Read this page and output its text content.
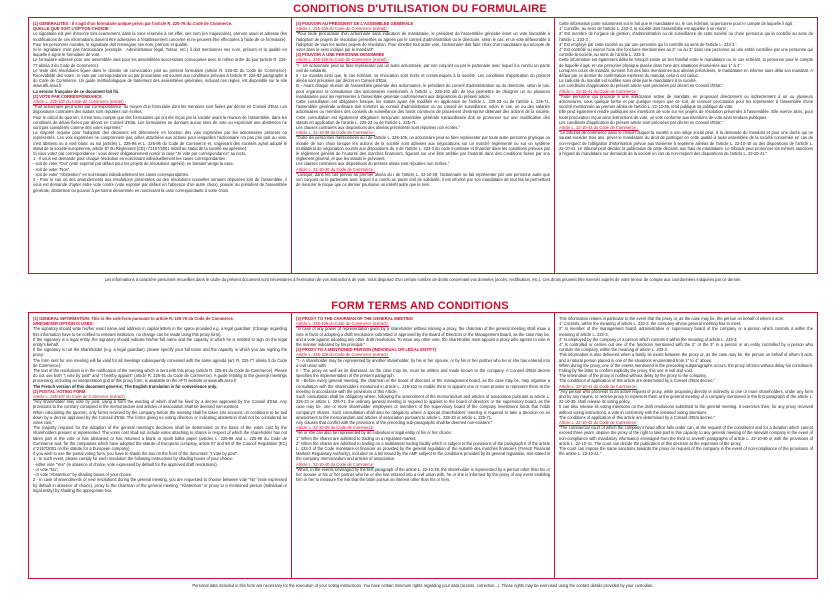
CONDITIONS D'UTILISATION DU FORMULAIRE
(1) GENERALITES : Il s'agit d'un formulaire unique prévu par l'article R. 225-76 du Code de Commerce.
QUELLE QUE SOIT L'OPTION CHOISIE :
Le signataire est prié d'inscrire très exactement, dans la zone réservée à cet effet, ses nom (en majuscules), prénom usuel et adresse (les modifications de ces informations doivent être adressées à l'établissement concerné et ne peuvent être effectuées à l'aide de ce formulaire).
Pour les personnes morales, le signataire doit renseigner ses nom, prénom et qualité.
Si le signataire n'est pas l'actionnaire (exemple : Administrateur légal, Tuteur, etc.) il doit mentionner ses nom, prénom et la qualité en laquelle il signe le formulaire de vote.
Le formulaire adressé pour une assemblée vaut pour les assemblées successives convoquées avec le même ordre du jour (article R. 225-77 alinéa 3 du Code de Commerce).
Le texte des résolutions figure dans le dossier de convocation joint au présent formulaire (article R. 225-81 du Code de Commerce). Recevabilité des votes : le vote par correspondance ou par procuration est soumis aux conditions prévues à l'article R. 225-83 paragraphe 8 du Code de Commerce. Un guide méthodologique de traitement des assemblées générales, incluant ces règles, est disponible sur le site www.afti.asso.fr.
La version française de ce document fait foi.
(2) VOTE PAR CORRESPONDANCE
Article L. 225-107 du Code de Commerce (extrait) :
"Tout actionnaire peut voter par correspondance, au moyen d'un formulaire dont les mentions sont fixées par décret en Conseil d'Etat. Les dispositions contraires des statuts sont réputées non écrites.
Pour le calcul du quorum, il n'est tenu compte que des formulaires qui ont été reçus par la société avant la réunion de l'assemblée, dans les conditions de délais fixées par décret en Conseil d'Etat. Les formulaires ne donnant aucun sens de vote ou exprimant une abstention ne sont pas considérés comme des votes exprimés."
La majorité requise pour l'adoption des décisions est déterminée en fonction des voix exprimées par les actionnaires présents ou représentés. Les voix exprimées ne comprennent pas celles attachées aux actions pour lesquelles l'actionnaire n'a pas pris part au vote, s'est abstenu ou a voté blanc ou nul (articles L. 225-96 et L. 225-98 du Code de Commerce et, s'agissant des sociétés ayant adopté le statut de la société européenne, article 57 du Règlement (CE) n°2157/2001 relatif au statut de la société européenne).
Si vous votez par correspondance : vous devez obligatoirement noircir la case "Je vote par correspondance" au recto.
1 - Il vous est demandé pour chaque résolution en noircissant individuellement les cases correspondantes :
- soit de voter "Oui" (vote exprimé par défaut pour les projets de résolutions agréés), en laissant vierge la case,
- soit de voter "Non",
- soit de voter "Abstention" en noircissant individuellement les cases correspondantes.
2 - Pour le cas où des amendements aux résolutions présentées ou des résolutions nouvelles seraient déposées lors de l'assemblée, il vous est demandé d'opter entre vote contre (vote exprimé par défaut en l'absence d'un autre choix), pouvoir au président de l'assemblée générale, abstention ou pouvoir à personne dénommée en noircissant la case correspondante à votre choix.
(3) POUVOIR AU PRÉSIDENT DE L'ASSEMBLÉE GÉNÉRALE
Article L. 225-106 du Code de Commerce (extrait) :
"Pour toute procuration d'un actionnaire sans indication de mandataire, le président de l'assemblée générale émet un vote favorable à l'adoption de projets de résolution présentés ou agréés par le conseil d'administration ou le directoire, selon le cas, et un vote défavorable à l'adoption de tous les autres projets de résolution. Pour émettre tout autre vote, l'actionnaire doit faire choix d'un mandataire qui accepte de voter dans le sens indiqué par le mandant".
(4) POUVOIR À UNE PERSONNE DÉNOMMÉE
Article L. 225-106 du Code de Commerce (extrait) :
"I - Un actionnaire peut se faire représenter par un autre actionnaire, par son conjoint ou par le partenaire avec lequel il a conclu un pacte civil de solidarité.
II - Le mandat ainsi que, le cas échéant, sa révocation sont écrits et communiqués à la société. Les conditions d'application du présent alinéa sont précisées par décret en Conseil d'Etat.
III - Avant chaque réunion de l'assemblée générale des actionnaires, le président du conseil d'administration ou du directoire, selon le cas, peut organiser la consultation des actionnaires mentionnés à l'article L. 225-102 afin de leur permettre de désigner un ou plusieurs mandataires pour les représenter à l'assemblée générale conformément aux dispositions du présent article.
Cette consultation est obligatoire lorsque, les statuts ayant été modifiés en application de l'article L. 225-23 ou de l'article L. 225-71, l'assemblée générale ordinaire doit nommer au conseil d'administration ou au conseil de surveillance, selon le cas, un ou des salariés actionnaires ou membres des conseils de surveillance des fonds communs de placement d'entreprise détenant des actions de la société. Cette consultation est également obligatoire lorsqu'une assemblée générale extraordinaire doit se prononcer sur une modification des statuts en application de l'article L. 225-23 ou de l'article L. 225-71.
Les clauses contraires aux dispositions des alinéas précédents sont réputées non écrites."
Article L. 22-10-39 du Code de Commerce :
"Outre les personnes mentionnées au I de l'article L. 225-106, un actionnaire peut se faire représenter par toute autre personne physique ou morale de son choix lorsque les actions de la société sont admises aux négociations sur un marché réglementé ou sur un système multilatéral de négociation soumis aux dispositions du II de l'article L. 433-3 du code monétaire et financier dans les conditions prévues par le règlement général de l'Autorité des marchés financiers, figurant sur une liste arrêtée par l'autorité dans des conditions fixées par son règlement général, et que les statuts le prévoient.
Les clauses contraires aux dispositions du présent alinéa sont réputées non écrites."
Article L. 22-10-40 du Code de Commerce :
"Lorsque, dans les cas prévus au premier alinéa du I de l'article L. 22-10-39, l'actionnaire se fait représenter par une personne autre que son conjoint ou le partenaire avec lequel il a conclu un pacte civil de solidarité, il est informé par son mandataire de tout fait lui permettant de mesurer le risque que ce dernier poursuive un intérêt autre que le sien.
Cette information porte notamment sur le fait que le mandataire ou, le cas échéant, la personne pour le compte de laquelle il agit :
1° Contrôle, au sens de l'article L. 233-3, la société dont l'assemblée est appelée à se réunir ;
2° Est membre de l'organe de gestion, d'administration ou de surveillance de cette société ou d'une personne qui la contrôle au sens de l'article L. 233-3 ;
3° Est employé par cette société ou par une personne qui la contrôle au sens de l'article L. 233-3 ;
4° Est contrôlé ou exerce l'une des fonctions mentionnées au 2° ou au 3° dans une personne ou une entité contrôlée par une personne qui contrôle la société, au sens de l'article L. 233-3.
Cette information est également délivrée lorsqu'il existe un lien familial entre le mandataire ou, le cas échéant, la personne pour le compte de laquelle il agit, et une personne physique placée dans l'une des situations énumérées aux 1° à 4°.
Lorsqu'en cours de mandat, survient l'un des faits mentionnés aux alinéas précédents, le mandataire en informe sans délai son mandant. A défaut par ce dernier de confirmation expresse du mandat, celui-ci est caduc.
La caducité du mandat est notifiée sans délai par le mandataire à la société.
Les conditions d'application du présent article sont précisées par décret en Conseil d'Etat."
Article L. 22-10-41 du Code de Commerce :
"Toute personne qui procède à une sollicitation active de mandats, en proposant directement ou indirectement à un ou plusieurs actionnaires, sous quelque forme et par quelque moyen que ce soit, de recevoir procuration pour les représenter à l'assemblée d'une société mentionnée au premier alinéa de l'article L. 22-10-39, rend publique sa politique de vote.
Elle peut également rendre publiques ses intentions de vote sur les projets de résolution présentés à l'assemblée. Elle exerce alors, pour toute procuration reçue sans instructions de vote, un vote conforme aux intentions de vote ainsi rendues publiques.
Les conditions d'application du présent article sont précisées par décret en Conseil d'Etat."
Article L. 22-10-42 du Code de Commerce :
"Le tribunal de commerce dans le ressort duquel la société a son siège social peut, à la demande du mandant et pour une durée qui ne saurait excéder trois ans, priver le mandataire du droit de participer en cette qualité à toute assemblée de la société concernée en cas de non-respect de l'obligation d'information prévue aux troisième à septième alinéas de l'article L. 22-10-40 ou des dispositions de l'article L. 22-10-41. Le tribunal peut décider la publication de cette décision aux frais du mandataire. Le tribunal peut prononcer les mêmes sanctions à l'égard du mandataire sur demande de la société en cas de non-respect des dispositions de l'article L. 22-10-41."
Les informations à caractère personnel recueillies dans le cadre du présent document sont nécessaires à l'exécution de vos instructions de vote. Vous disposez d'un certain nombre de droits concernant vos données (accès, rectification, etc.). Ces droits peuvent être exercés auprès de votre teneur de compte aux coordonnées indiquées par ce dernier.
FORM TERMS AND CONDITIONS
(1) GENERAL INFORMATION: This is the sole form pursuant to article R. 225-76 du Code de Commerce.
WHICHEVER OPTION IS USED:
The signatory should write his/her exact name and address in capital letters in the space provided e.g. a legal guardian: (Change regarding this information have to be notified to relevant institution, no change can be made using this proxy form).
If the signatory is a legal entity, the signatory should indicate his/her full name and the capacity in which he is entitled to sign on the legal entity's behalf.
If the signatory is not the shareholder (e.g. a legal guardian), please specify your full name and the capacity in which you are signing the proxy.
The form sent for one meeting will be valid for all meetings subsequently convened with the same agenda (art. R. 225-77 alinéa 3 du Code de Commerce).
The text of the resolutions is in the notification of the meeting which is sent with this proxy (article R. 225-81 du Code de Commerce). Please do not use both "I vote by post" and "I hereby appoint" (article R. 225-81 du Code de Commerce). A guide relating to the general meetings processing, including an interpretation grid of this proxy form, is available on the AFTI website at www.afti.asso.fr.
The French version of this document governs; The English translation is for convenience only.
(2) POSTAL VOTING FORM
Article L. 225-107 du Code de Commerce (extract):
"Any shareholder may vote by post, using a form the wording of which shall be fixed by a decree approved by the Conseil d'Etat. Any provisions to the contrary contained in the memorandum and articles of association shall be deemed non-existent.
When calculating the quorum, only forms received by the company before the meeting shall be taken into account, on conditions to be laid down by a decree approved by the Conseil d'Etat. The forms giving no voting direction or indicating abstention shall not be considered as votes cast."
The majority required for the adoption of the general meeting's decisions shall be determined on the basis of the votes cast by the shareholders present or represented. The votes cast shall not include votes attaching to shares in respect of which the shareholder has not taken part in the vote or has abstained or has returned a blank or spoilt ballot paper (articles L. 225-96 and L. 225-98 du Code de Commerce and, for the companies which have adopted the statute of European company, article 57 and 58 of the Council Regulation (EC) n°2157/2001 on the statute for a European company).
If you wish to use the postal voting form, you have to shade the box on the front of the document: "I vote by post".
1 - In such event, please comply for each resolution the following instructions by shading boxes of your choice:
- either vote "Yes" (in absence of choice, vote expressed by default for the approved draft resolutions),
- or vote "No",
- or vote "Abstention" by shading boxes of your choice.
2 - In case of amendments or new resolutions during the general meeting, you are requested to choose between vote "No" (vote expressed by default in absence of choice), proxy to the chairman of the general meeting, "Abstention" or proxy to a mentioned person (individual or legal entity) by shading the appropriate box.
(3) PROXY TO THE CHAIRMAN OF THE GENERAL MEETING
Article L. 225-106 du Code de Commerce (extract):
"In case of any power of representation given by a shareholder without naming a proxy, the chairman of the general meeting shall issue a vote in favor of adopting a draft resolutions submitted or approved by the Board of Directors or the Management Board, as the case may be, and a vote against adopting any other draft resolutions. To issue any other vote, the shareholder must appoint a proxy who agrees to vote in the manner indicated by his principal."
(4) PROXY TO A MENTIONED PERSON (INDIVIDUAL OR LEGAL ENTITY)
Article L. 225-106 du Code de Commerce (extract):
"I - A shareholder may be represented by another shareholder, by his or her spouse, or by his or her partner who he or she has entered into a civil union with.
II - The proxy as well as its dismissal, as the case may be, must be written and made known to the company. A Conseil d'Etat decree specifies the implementation of the present paragraph.
III - Before every general meeting, the chairman of the board of directors or the management board, as the case may be, may organise a consultation with the shareholders mentioned in article L. 225-102 to enable them to appoint one or more proxies to represent them at the meeting in accordance with the provisions of this Article.
Such consultation shall be obligatory where, following the amendment of the memorandum and articles of association pursuant to article L. 225-23 or article L. 225-71, the ordinary general meeting is required to appoint to the board of directors or the supervisory board, as the case may be, one or more shareholder employees or members of the supervisory board of the company investment funds that holds company's shares. Such consultation shall also be obligatory where a special shareholders' meeting is required to take a decision on an amendment to the memorandum and articles of association pursuant to article L. 225-23 or article L. 225-71.
Any clauses that conflict with the provisions of the preceding sub-paragraphs shall be deemed non-existent."
Article L. 22-10-39 du Code de Commerce:
"He or she can also be represented by an individual or legal entity of his or her choice:
1° When the shares are admitted to trading on a regulated market;
2° When the shares are admitted to trading on a multilateral trading facility which is subject to the provisions of the paragraph II of the article L. 433-3 of the Code monétaire et financier as provided by the general regulation of the Autorité des marchés financiers (French Financial Markets Regulatory Authority), included on a list issued by the AMF subject to the conditions provided by its general regulation, and stated in the company memorandum and articles of association.
Article L. 22-10-40 du Code de Commerce:
"When, in the events envisaged by the first paragraph of the article L. 22-10-39, the shareholder is represented by a person other than his or her spouse or his or her partner who he or she has entered into a civil union with, he or she is informed by the proxy of any event enabling him or her to measure the risk that the latter pursue an interest other than his or hers.
This information relates in particular to the event that the proxy or, as the case may be, the person on behalf of whom it acts:
1° Controls, within the meaning of article L. 233-3, the company whose general meeting has to meet;
2° Is member of the management board, administrative or supervisory board of the company or a person which controls it within the meaning of article L. 233-3;
3° Is employed by the company or a person which controls it within the meaning of article L. 233-3;
4° Is controlled or carries out one of the functions mentioned with the 2° or the 3° in a person or an entity controlled by a person who controls the company, within the meaning of article L. 233-3.
This information is also delivered when a family tie exists between the proxy or, as the case may be, the person on behalf of whom it acts, and a natural person placed in one of the situations enumerated from 1° to 4° above.
When during the proxy, one of the events mentioned in the preceding subparagraphs occurs, the proxy informs without delay his constituent. Failing by the latter to confirm explicitly the proxy, this one is null and void.
The termination of the proxy is notified without delay by the proxy to the company.
The conditions of application of this article are determined by a Conseil d'Etat decree."
Article L. 22-10-41 du Code de Commerce:
"Any person who proceeds to an active request of proxy, while proposing directly or indirectly to one or more shareholders, under any form and by any means, to receive proxy to represent them at the general meeting of a company mentioned in the first paragraph of the article L. 22-10-39, shall release its voting policy.
It can also release its voting intentions on the draft resolutions submitted to the general meeting. It exercises then, for any proxy received without voting instructions, a vote in conformity with the released voting intentions.
The conditions of application of this article are determined by a Conseil d'Etat decree."
Article L. 22-10-42 du Code de Commerce:
"The commercial court of which the company's head office falls under can, at the request of the constituent and for a duration which cannot exceed three years, deprive the proxy of the right to take part in this capacity to any general meeting of the relevant company in the event of non-compliance with mandatory information envisaged from the third to seventh paragraphs of article L. 22-10-40 or with the provisions of article L. 22-10-41. The court can decide the publication of this decision at the expenses of the proxy.
The court can impose the same sanctions towards the proxy on request of the company in the event of non-compliance of the provisions of the article L. 22-10-41."
Personal data included in this form are necessary for the execution of your voting instructions. You have certain minimum rights regarding your data (access, correction...). These rights may be exercised using the contact details provided by your custodian.
